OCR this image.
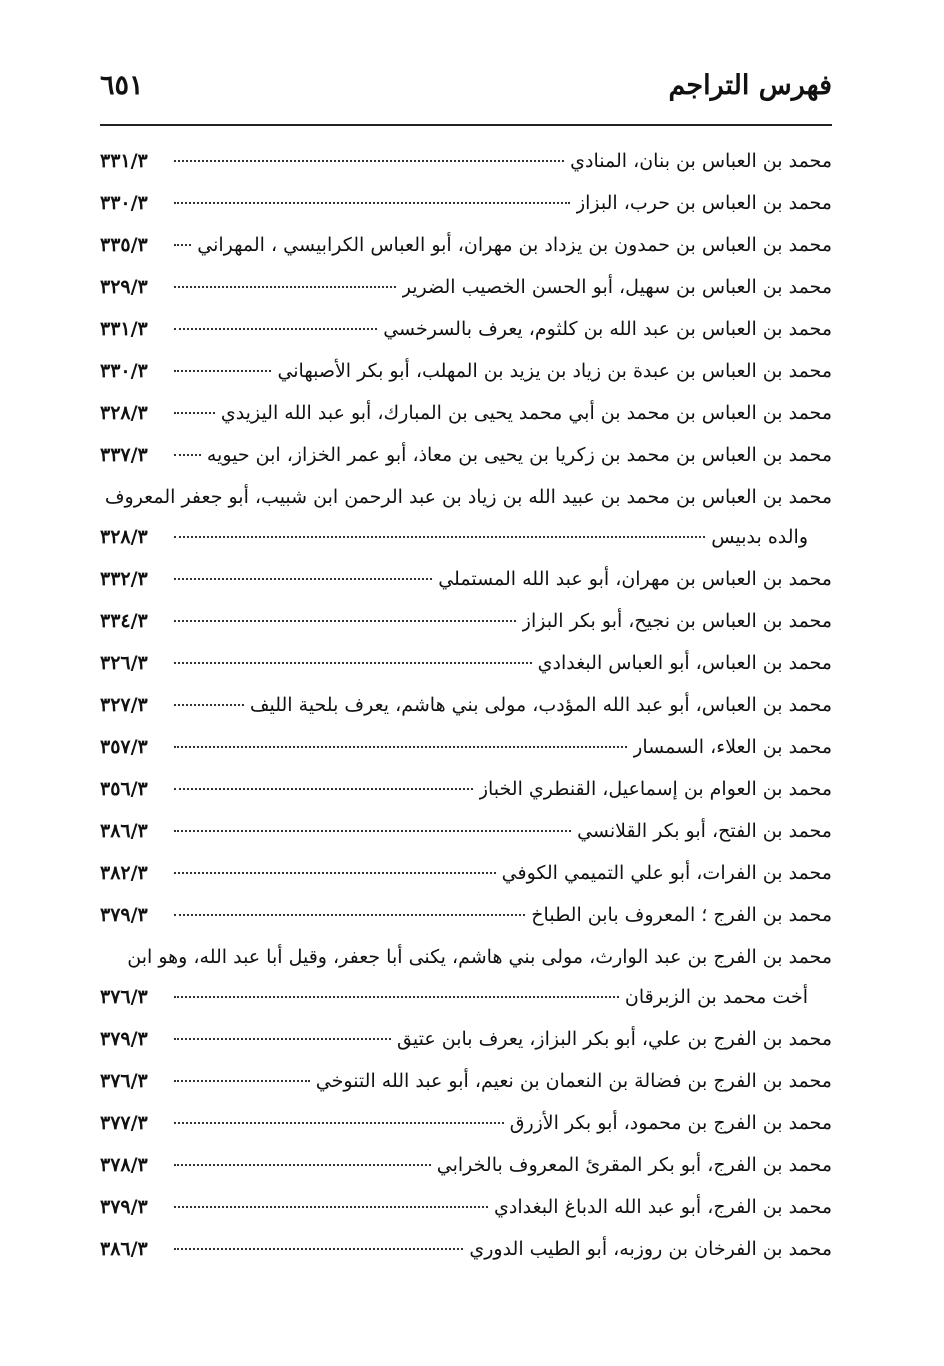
فهرس التراجم
٦٥١
محمد بن العباس بن بنان، المنادي
٣٣١/٣
محمد بن العباس بن حرب، البزاز
٣٣٠/٣
محمد بن العباس بن حمدون بن يزداد بن مهران، أبو العباس الكرابيسي ، المهراني
٣٣٥/٣
محمد بن العباس بن سهيل، أبو الحسن الخصيب الضرير
٣٢٩/٣
محمد بن العباس بن عبد الله بن كلثوم، يعرف بالسرخسي
٣٣١/٣
محمد بن العباس بن عبدة بن زياد بن يزيد بن المهلب، أبو بكر الأصبهاني
٣٣٠/٣
محمد بن العباس بن محمد بن أبي محمد يحيى بن المبارك، أبو عبد الله اليزيدي
٣٢٨/٣
محمد بن العباس بن محمد بن زكريا بن يحيى بن معاذ، أبو عمر الخزاز، ابن حيويه
٣٣٧/٣
محمد بن العباس بن محمد بن عبيد الله بن زياد بن عبد الرحمن ابن شبيب، أبو جعفر المعروف
والده بدبيس
٣٢٨/٣
محمد بن العباس بن مهران، أبو عبد الله المستملي
٣٣٢/٣
محمد بن العباس بن نجيح، أبو بكر البزاز
٣٣٤/٣
محمد بن العباس، أبو العباس البغدادي
٣٢٦/٣
محمد بن العباس، أبو عبد الله المؤدب، مولى بني هاشم، يعرف بلحية الليف
٣٢٧/٣
محمد بن العلاء، السمسار
٣٥٧/٣
محمد بن العوام بن إسماعيل، القنطري الخباز
٣٥٦/٣
محمد بن الفتح، أبو بكر القلانسي
٣٨٦/٣
محمد بن الفرات، أبو علي التميمي الكوفي
٣٨٢/٣
محمد بن الفرج ؛ المعروف بابن الطباخ
٣٧٩/٣
محمد بن الفرج بن عبد الوارث، مولى بني هاشم، يكنى أبا جعفر، وقيل أبا عبد الله، وهو ابن
أخت محمد بن الزبرقان
٣٧٦/٣
محمد بن الفرج بن علي، أبو بكر البزاز، يعرف بابن عتيق
٣٧٩/٣
محمد بن الفرج بن فضالة بن النعمان بن نعيم، أبو عبد الله التنوخي
٣٧٦/٣
محمد بن الفرج بن محمود، أبو بكر الأزرق
٣٧٧/٣
محمد بن الفرج، أبو بكر المقرئ المعروف بالخرابي
٣٧٨/٣
محمد بن الفرج، أبو عبد الله الدباغ البغدادي
٣٧٩/٣
محمد بن الفرخان بن روزبه، أبو الطيب الدوري
٣٨٦/٣
